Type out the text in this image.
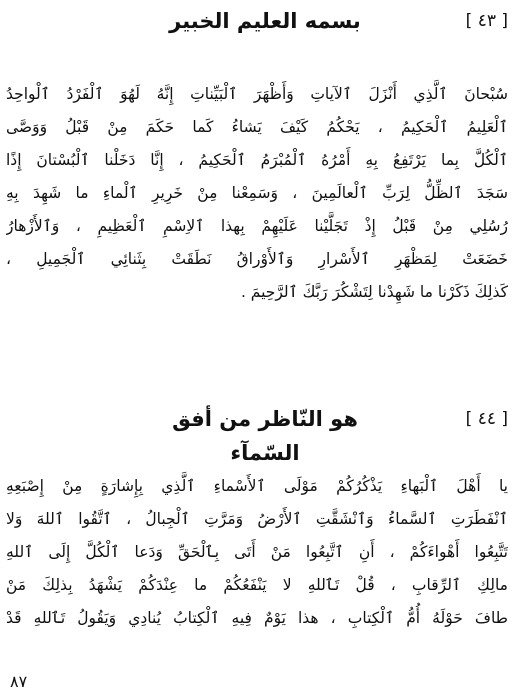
[ ٤٣ ]
بسمه العليم الخبير
سُبْحانَ ٱلَّذِي أَنْزَلَ ٱلآياتِ وَأَظْهَرَ ٱلْبَيِّناتِ إِنَّهُ لَهُوَ ٱلْفَرْدُ ٱلْواحِدُ
ٱلْعَلِيمُ ٱلْحَكِيمُ ، يَحْكُمُ كَيْفَ يَشاءُ كَما حَكَمَ مِنْ قَبْلُ وَوَصَّى
ٱلْكُلَّ بِما يَرْتَفِعُ بِهِ أَمْرُهُ ٱلْمُبْرَمُ ٱلْحَكِيمُ ، إِنَّا دَخَلْنا ٱلْبُسْتانَ إِذًا
سَجَدَ ٱلظِّلُّ لِرَبِّ ٱلْعالَمِينَ ، وَسَمِعْنا مِنْ خَرِيرِ ٱلْماءِ ما شَهِدَ بِهِ
رُسُلِي مِنْ قَبْلُ إِذْ تَجَلَّيْنا عَلَيْهِمْ بِهذا ٱلاِسْمِ ٱلْعَظِيمِ ، وَٱلأَزْهارُ
خَضَعَتْ لِمَظْهَرِ ٱلأَسْرارِ وَٱلأَوْراقُ نَطَقَتْ بِثَنائِي ٱلْجَمِيلِ ،
كَذلِكَ ذَكَرْنا ما شَهِدْنا لِتَشْكُرَ رَبَّكَ ٱلرَّحِيمَ .
[ ٤٤ ]
هو النّاظر من أفق السّمآء
يا أَهْلَ ٱلْبَهاءِ يَذْكُرُكُمْ مَوْلَى ٱلأَسْماءِ ٱلَّذِي بِإِشارَةٍ مِنْ إِصْبَعِهِ
ٱنْفَطَرَتِ ٱلسَّماءُ وَٱنْشَقَّتِ ٱلأَرْضُ وَمَرَّتِ ٱلْجِبالُ ، ٱتَّقُوا ٱللهَ وَلا
تَتَّبِعُوا أَهْواءَكُمْ ، أَنِ ٱتَّبِعُوا مَنْ أَتَى بِٱلْحَقِّ وَدَعا ٱلْكُلَّ إِلَى ٱللهِ
مالِكِ ٱلرِّقابِ ، قُلْ تَٱللهِ لا يَنْفَعُكُمْ ما عِنْدَكُمْ يَشْهَدُ بِذلِكَ مَنْ
طافَ حَوْلَهُ أُمُّ ٱلْكِتابِ ، هذا يَوْمٌ فِيهِ ٱلْكِتابُ يُنادِي وَيَقُولُ تَٱللهِ قَدْ
٨٧
